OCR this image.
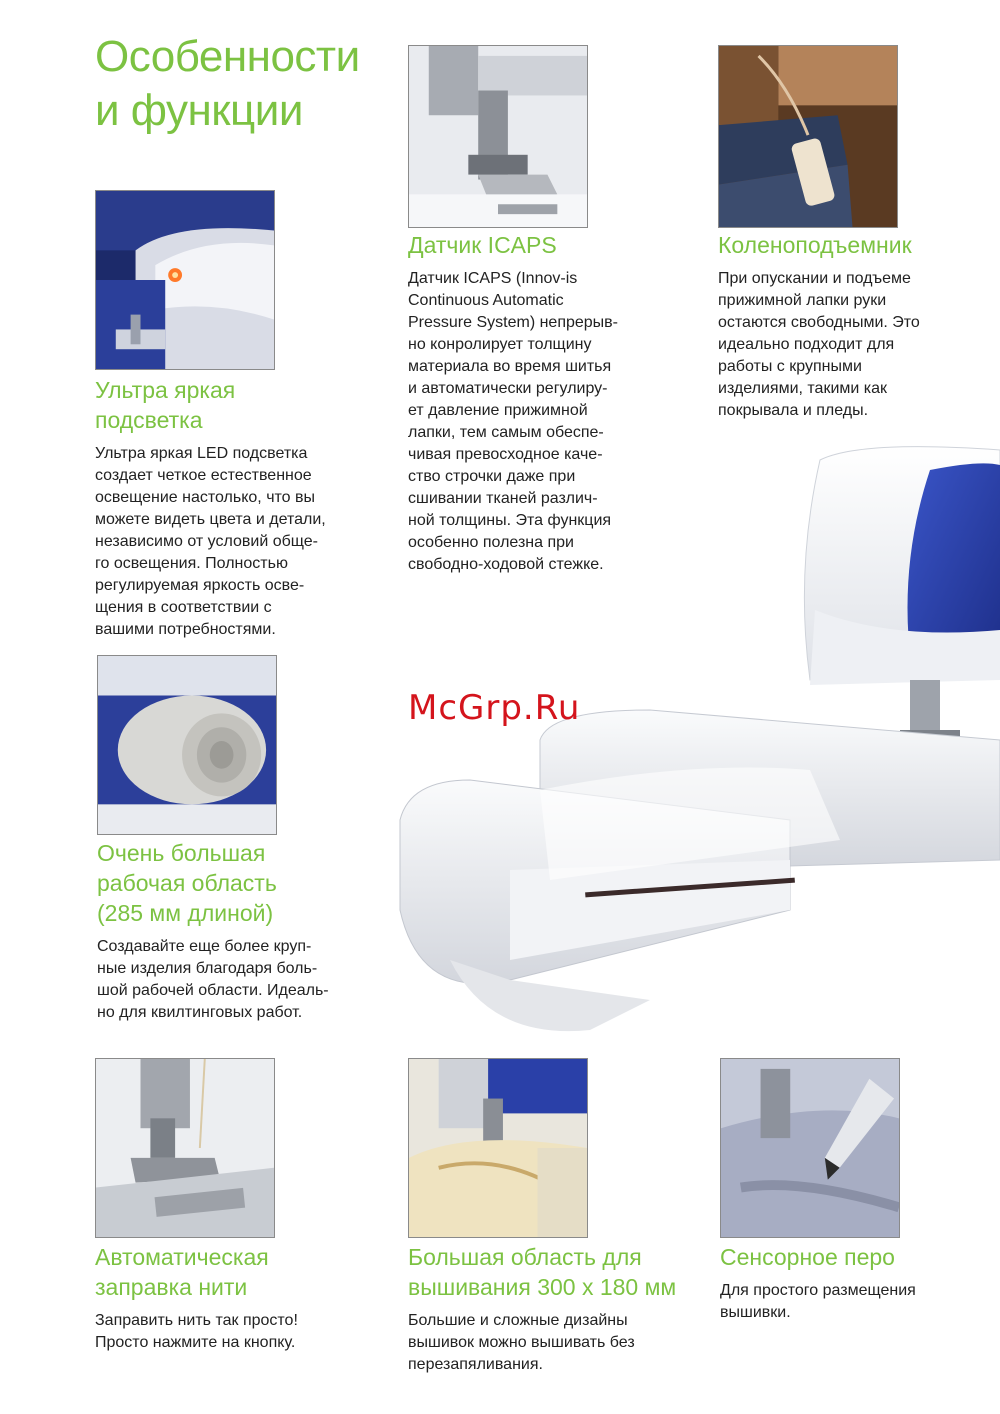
Особенности
и функции
Ультра яркая
подсветка
Ультра яркая LED подсветка
создает четкое естественное
освещение настолько, что вы
можете видеть цвета и детали,
независимо от условий обще-
го освещения. Полностью
регулируемая яркость осве-
щения в соответствии с
вашими потребностями.
Датчик ICAPS
Датчик ICAPS (Innov-is
Continuous Automatic
Pressure System) непрерыв-
но конролирует толщину
материала во время шитья
и автоматически регулиру-
ет давление прижимной
лапки, тем самым обеспе-
чивая превосходное каче-
ство строчки даже при
сшивании тканей различ-
ной толщины. Эта функция
особенно полезна при
свободно-ходовой стежке.
Коленоподъемник
При опускании и подъеме
прижимной лапки руки
остаются свободными. Это
идеально подходит для
работы с крупными
изделиями, такими как
покрывала и пледы.
McGrp.Ru
Очень большая
рабочая область
(285 мм длиной)
Создавайте еще более круп-
ные изделия благодаря боль-
шой рабочей области. Идеаль-
но для квилтинговых работ.
Автоматическая
заправка нити
Заправить нить так просто!
Просто нажмите на кнопку.
Большая область для
вышивания 300 x 180 мм
Большие и сложные дизайны
вышивок можно вышивать без
перезапяливания.
Сенсорное перо
Для простого размещения
вышивки.
